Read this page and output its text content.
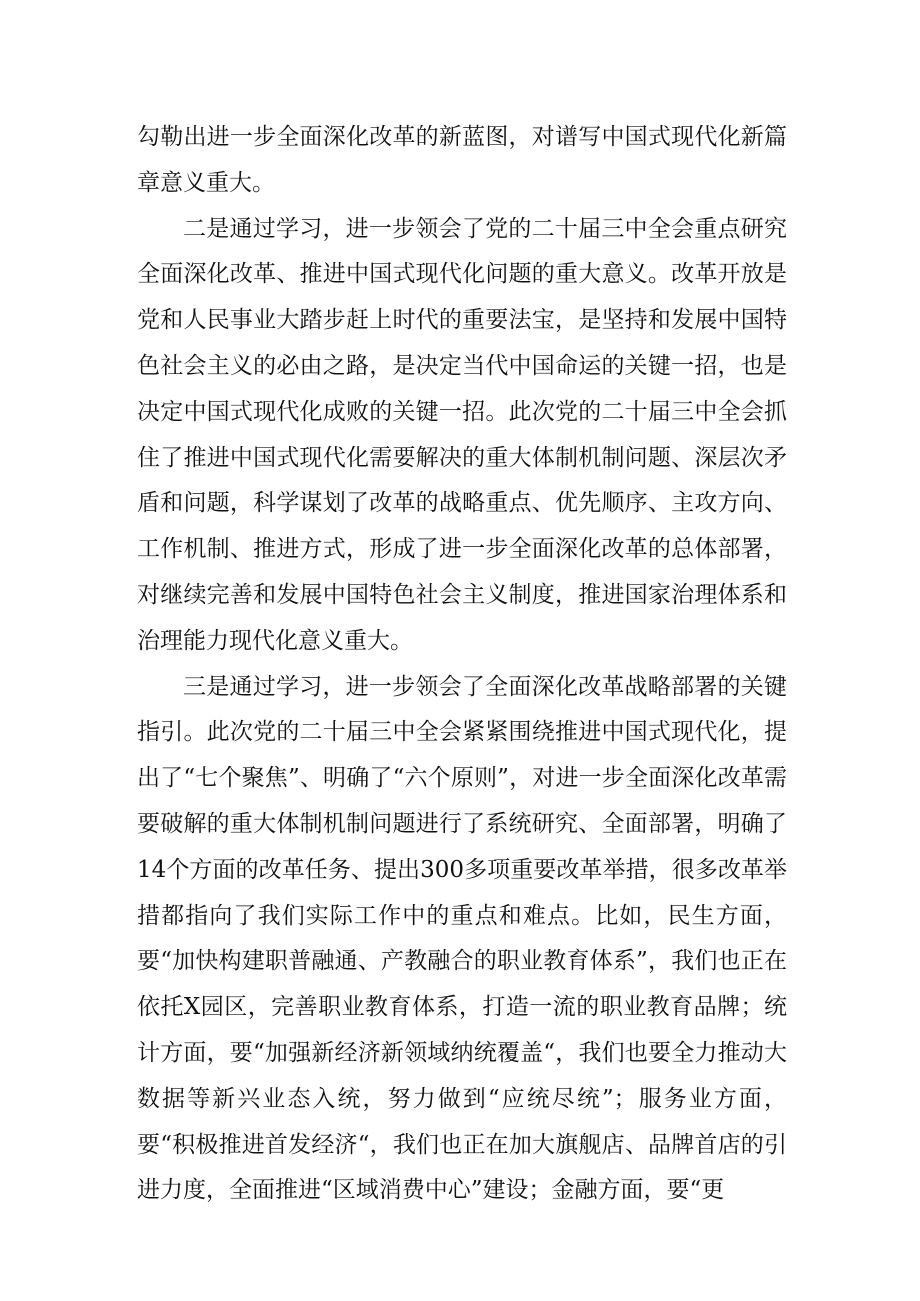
勾勒出进一步全面深化改革的新蓝图，对谱写中国式现代化新篇章意义重大。

二是通过学习，进一步领会了党的二十届三中全会重点研究全面深化改革、推进中国式现代化问题的重大意义。改革开放是党和人民事业大踏步赶上时代的重要法宝，是坚持和发展中国特色社会主义的必由之路，是决定当代中国命运的关键一招，也是决定中国式现代化成败的关键一招。此次党的二十届三中全会抓住了推进中国式现代化需要解决的重大体制机制问题、深层次矛盾和问题，科学谋划了改革的战略重点、优先顺序、主攻方向、工作机制、推进方式，形成了进一步全面深化改革的总体部署，对继续完善和发展中国特色社会主义制度，推进国家治理体系和治理能力现代化意义重大。

三是通过学习，进一步领会了全面深化改革战略部署的关键指引。此次党的二十届三中全会紧紧围绕推进中国式现代化，提出了“七个聚焦”、明确了“六个原则”，对进一步全面深化改革需要破解的重大体制机制问题进行了系统研究、全面部署，明确了14个方面的改革任务、提出300多项重要改革举措，很多改革举措都指向了我们实际工作中的重点和难点。比如，民生方面，要“加快构建职普融通、产教融合的职业教育体系”，我们也正在依托X园区，完善职业教育体系，打造一流的职业教育品牌；统计方面，要“加强新经济新领域纳统覆盖“，我们也要全力推动大数据等新兴业态入统，努力做到“应统尽统”；服务业方面，要“积极推进首发经济“，我们也正在加大旗舰店、品牌首店的引进力度，全面推进“区域消费中心”建设；金融方面，要“更
